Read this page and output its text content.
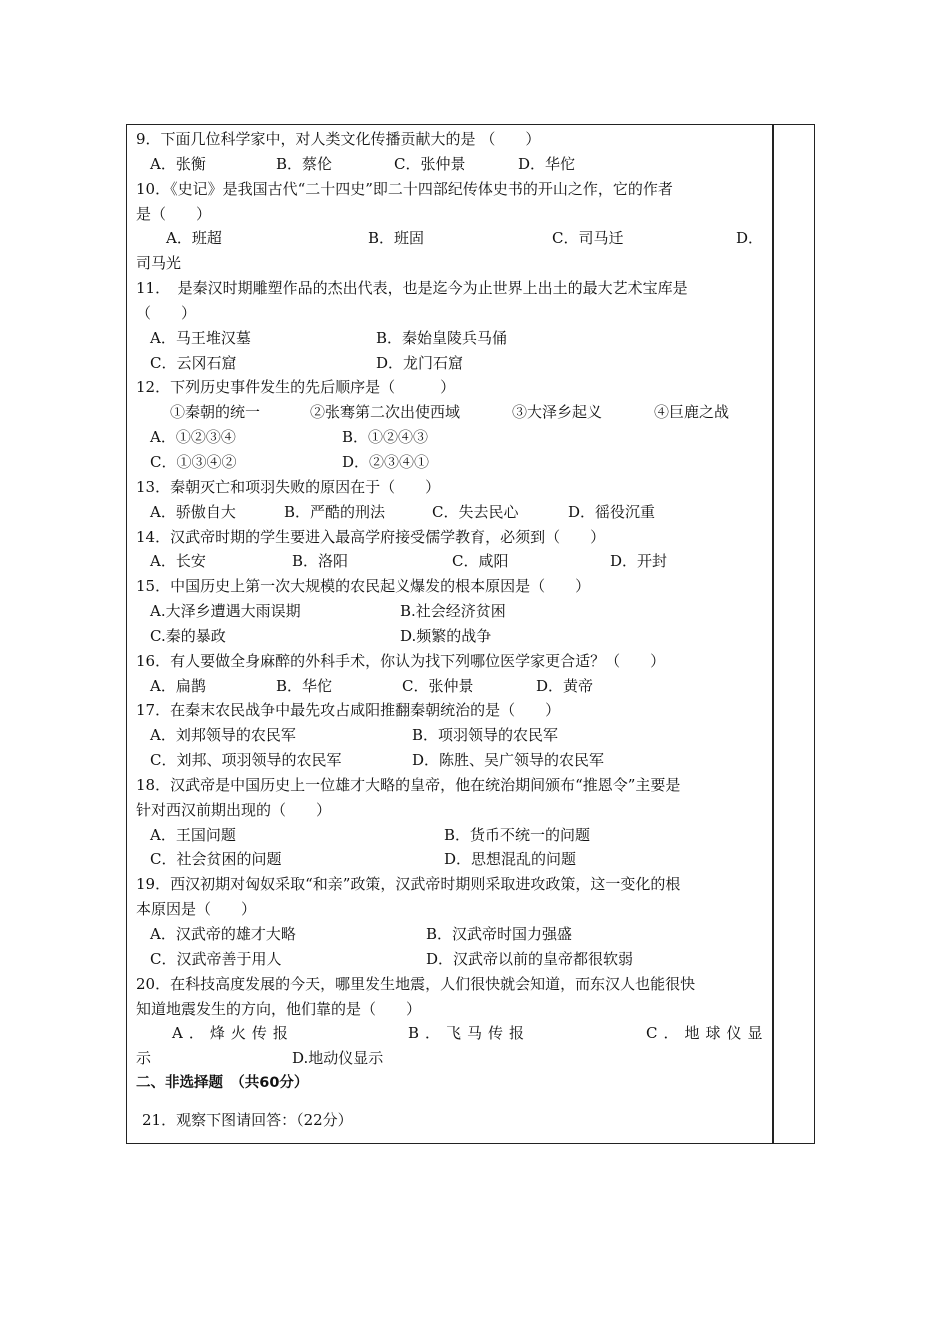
9．下面几位科学家中，对人类文化传播贡献大的是 （　　）
A．张衡	B．蔡伦	C．张仲景	D．华佗
10．《史记》是我国古代“二十四史”即二十四部纪传体史书的开山之作，它的作者
是（　　）
A．班超	B．班固	C．司马迁	D．
司马光
11．　是秦汉时期雕塑作品的杰出代表，也是迄今为止世界上出土的最大艺术宝库是
（　　）
A．马王堆汉墓	B．秦始皇陵兵马俑
C．云冈石窟	D．龙门石窟
12．下列历史事件发生的先后顺序是（　　　）
①秦朝的统一	②张骞第二次出使西域	③大泽乡起义	④巨鹿之战
A．①②③④	B．①②④③
C．①③④②	D．②③④①
13．秦朝灭亡和项羽失败的原因在于（　　）
A．骄傲自大	B．严酷的刑法	C．失去民心	D．徭役沉重
14．汉武帝时期的学生要进入最高学府接受儒学教育，必须到（　　）
A．长安	B．洛阳	C．咸阳	D．开封
15．中国历史上第一次大规模的农民起义爆发的根本原因是（　　）
A.大泽乡遭遇大雨误期	B.社会经济贫困
C.秦的暴政	D.频繁的战争
16．有人要做全身麻醉的外科手术，你认为找下列哪位医学家更合适？（　　）
A．扁鹊	B．华佗	C．张仲景	D．黄帝
17．在秦末农民战争中最先攻占咸阳推翻秦朝统治的是（　　）
A．刘邦领导的农民军	B．项羽领导的农民军
C．刘邦、项羽领导的农民军	D．陈胜、吴广领导的农民军
18．汉武帝是中国历史上一位雄才大略的皇帝，他在统治期间颁布“推恩令”主要是
针对西汉前期出现的（　　）
A．王国问题	B．货币不统一的问题
C．社会贫困的问题	D．思想混乱的问题
19．西汉初期对匈奴采取“和亲”政策，汉武帝时期则采取进攻政策，这一变化的根
本原因是（　　）
A．汉武帝的雄才大略	B．汉武帝时国力强盛
C．汉武帝善于用人	D．汉武帝以前的皇帝都很软弱
20．在科技高度发展的今天，哪里发生地震，人们很快就会知道，而东汉人也能很快
知道地震发生的方向，他们靠的是（　　）
A．烽火传报	B．飞马传报	C．地球仪显
示	D.地动仪显示
二、非选择题　（共60分）
21．观察下图请回答：（22分）
